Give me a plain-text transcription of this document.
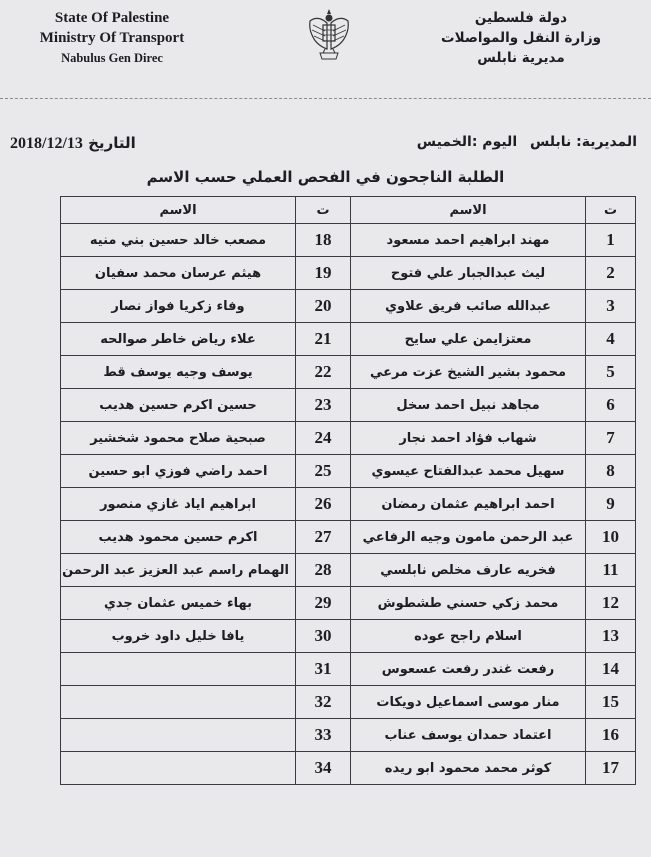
State Of Palestine
Ministry Of Transport
Nabulus Gen Direc
دولة فلسطين
وزارة النقل والمواصلات
مديرية نابلس
2018/12/13 التاريخ	المديرية: نابلس اليوم :الخميس
الطلبة الناجحون في الفحص العملي حسب الاسم
ت	الاسم	ت	الاسم
1	مهند ابراهيم احمد مسعود	18	مصعب خالد حسين بني منيه
2	ليث عبدالجبار علي فتوح	19	هيثم عرسان محمد سفيان
3	عبدالله صائب فريق علاوي	20	وفاء زكريا فواز نصار
4	معتزايمن علي سايح	21	علاء رياض خاطر صوالحه
5	محمود بشير الشيخ عزت مرعي	22	يوسف وجيه يوسف قط
6	مجاهد نبيل احمد سخل	23	حسين اكرم حسين هديب
7	شهاب فؤاد احمد نجار	24	صبحية صلاح محمود شخشير
8	سهيل محمد عبدالفتاح عيسوي	25	احمد راضي فوزي ابو حسين
9	احمد ابراهيم عثمان رمضان	26	ابراهيم اياد غازي منصور
10	عبد الرحمن مامون وجيه الرفاعي	27	اكرم حسين محمود هديب
11	فخريه عارف مخلص نابلسي	28	الهمام راسم عبد العزيز عبد الرحمن
12	محمد زكي حسني طشطوش	29	بهاء خميس عثمان جدي
13	اسلام راجح عوده	30	يافا خليل داود خروب
14	رفعت غندر رفعت عسعوس	31	
15	منار موسى اسماعيل دويكات	32	
16	اعتماد حمدان يوسف عناب	33	
17	كوثر محمد محمود ابو ريده	34	
